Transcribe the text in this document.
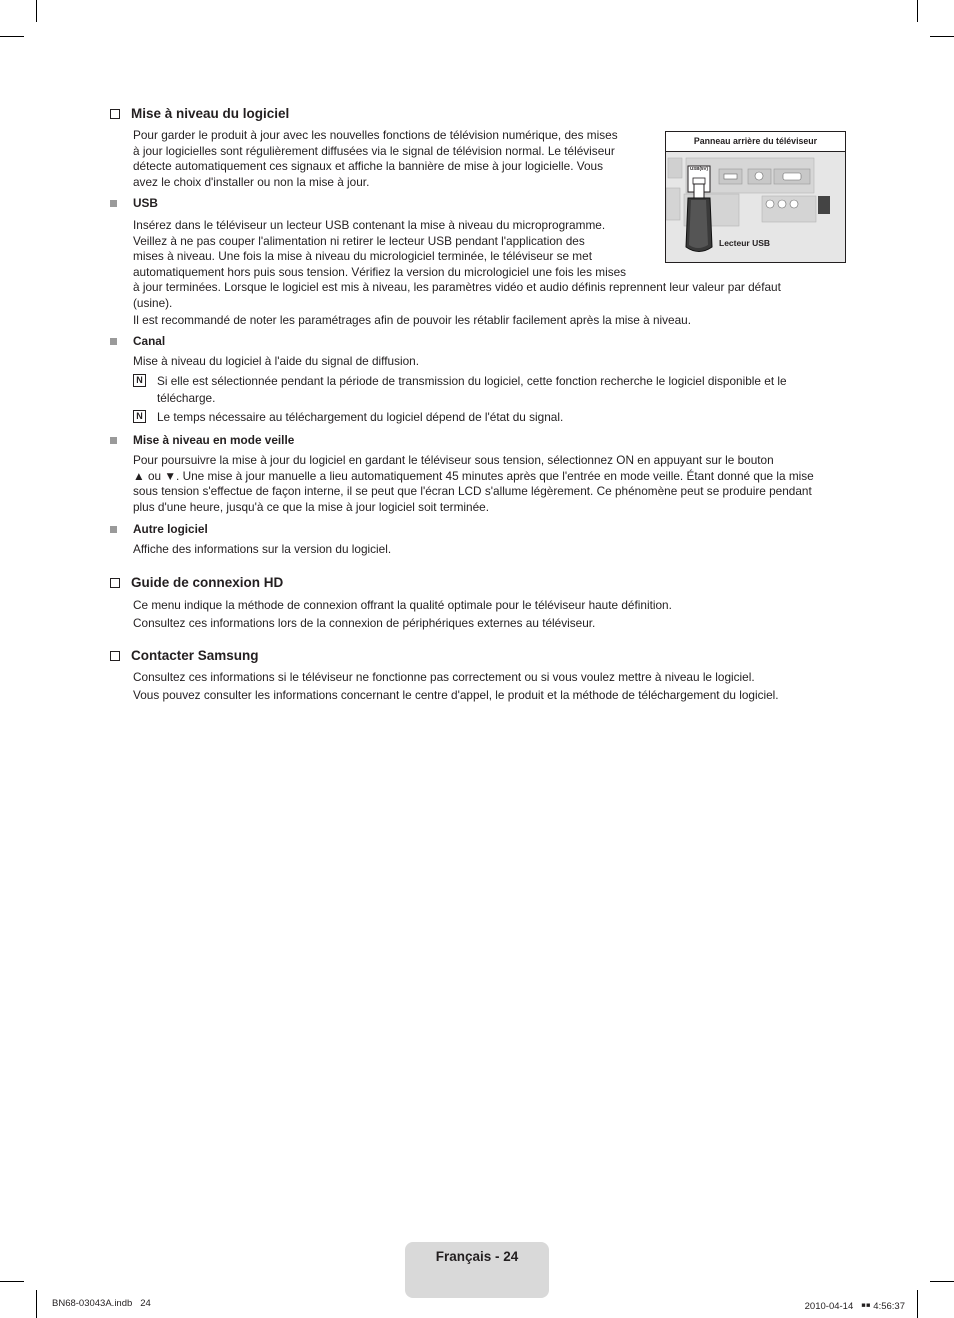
Mise à niveau du logiciel
Pour garder le produit à jour avec les nouvelles fonctions de télévision numérique, des mises
à jour logicielles sont régulièrement diffusées via le signal de télévision normal. Le téléviseur
détecte automatiquement ces signaux et affiche la bannière de mise à jour logicielle. Vous
avez le choix d'installer ou non la mise à jour.
Panneau arrière du téléviseur
USB(5V)
Lecteur USB
USB
Insérez dans le téléviseur un lecteur USB contenant la mise à niveau du microprogramme.
Veillez à ne pas couper l'alimentation ni retirer le lecteur USB pendant l'application des
mises à niveau. Une fois la mise à niveau du micrologiciel terminée, le téléviseur se met
automatiquement hors puis sous tension. Vérifiez la version du micrologiciel une fois les mises
à jour terminées. Lorsque le logiciel est mis à niveau, les paramètres vidéo et audio définis reprennent leur valeur par défaut
(usine).
Il est recommandé de noter les paramétrages afin de pouvoir les rétablir facilement après la mise à niveau.
Canal
Mise à niveau du logiciel à l'aide du signal de diffusion.
N Si elle est sélectionnée pendant la période de transmission du logiciel, cette fonction recherche le logiciel disponible et le
télécharge.
N Le temps nécessaire au téléchargement du logiciel dépend de l'état du signal.
Mise à niveau en mode veille
Pour poursuivre la mise à jour du logiciel en gardant le téléviseur sous tension, sélectionnez ON en appuyant sur le bouton
▲ ou ▼. Une mise à jour manuelle a lieu automatiquement 45 minutes après que l'entrée en mode veille. Étant donné que la mise
sous tension s'effectue de façon interne, il se peut que l'écran LCD s'allume légèrement. Ce phénomène peut se produire pendant
plus d'une heure, jusqu'à ce que la mise à jour logiciel soit terminée.
Autre logiciel
Affiche des informations sur la version du logiciel.
Guide de connexion HD
Ce menu indique la méthode de connexion offrant la qualité optimale pour le téléviseur haute définition.
Consultez ces informations lors de la connexion de périphériques externes au téléviseur.
Contacter Samsung
Consultez ces informations si le téléviseur ne fonctionne pas correctement ou si vous voulez mettre à niveau le logiciel.
Vous pouvez consulter les informations concernant le centre d'appel, le produit et la méthode de téléchargement du logiciel.
Français - 24
BN68-03043A.indb   24	2010-04-14   ￭￭ 4:56:37
